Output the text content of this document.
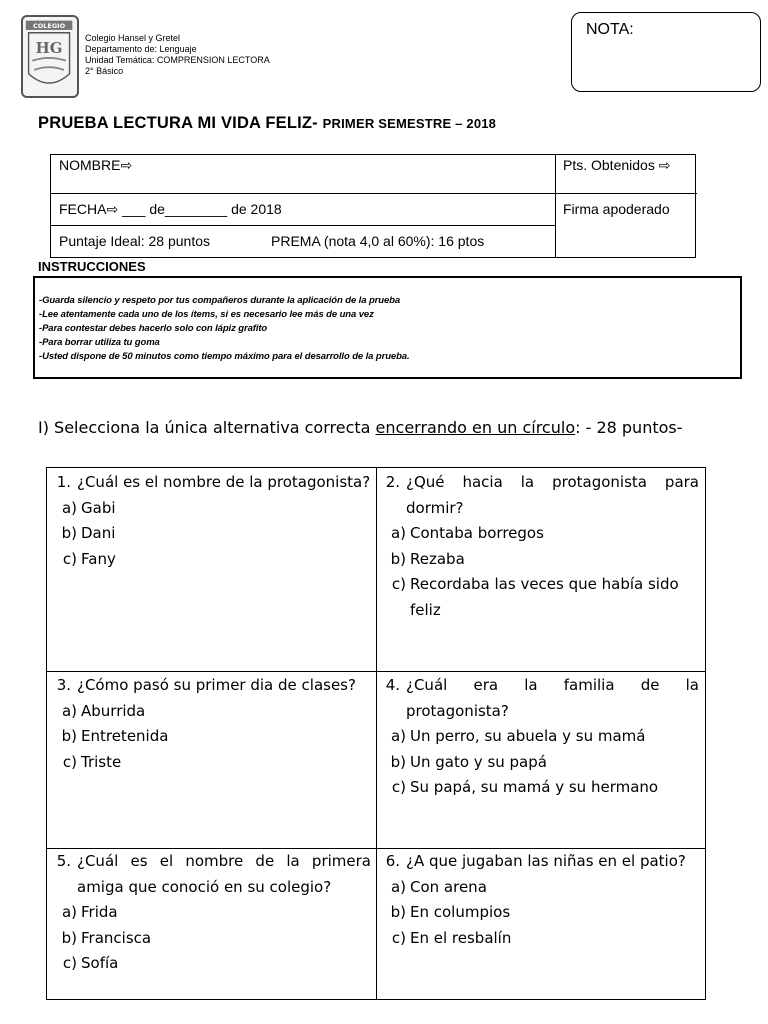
COLEGIO
HG
Colegio Hansel y Gretel
Departamento de: Lenguaje
Unidad Temática: COMPRENSION LECTORA
2° Básico
NOTA:
PRUEBA LECTURA MI VIDA FELIZ- PRIMER SEMESTRE – 2018
NOMBRE⇨	Pts. Obtenidos ⇨
FECHA⇨ ___ de________ de 2018	Firma apoderado
Puntaje Ideal: 28 puntos	PREMA (nota 4,0 al 60%): 16 ptos
INSTRUCCIONES
-Guarda silencio y respeto por tus compañeros durante la aplicación de la prueba
-Lee atentamente cada uno de los ítems, si es necesario lee más de una vez
-Para contestar debes hacerlo solo con lápiz grafito
-Para borrar utiliza tu goma
-Usted dispone de 50 minutos como tiempo máximo para el desarrollo de la prueba.
I) Selecciona la única alternativa correcta encerrando en un círculo: - 28 puntos-
1. ¿Cuál es el nombre de la protagonista?
a) Gabi
b) Dani
c) Fany
2. ¿Qué hacia la protagonista para dormir?
a) Contaba borregos
b) Rezaba
c) Recordaba las veces que había sido feliz
3. ¿Cómo pasó su primer dia de clases?
a) Aburrida
b) Entretenida
c) Triste
4. ¿Cuál era la familia de la protagonista?
a) Un perro, su abuela y su mamá
b) Un gato y su papá
c) Su papá, su mamá y su hermano
5. ¿Cuál es el nombre de la primera amiga que conoció en su colegio?
a) Frida
b) Francisca
c) Sofía
6. ¿A que jugaban las niñas en el patio?
a) Con arena
b) En columpios
c) En el resbalín
